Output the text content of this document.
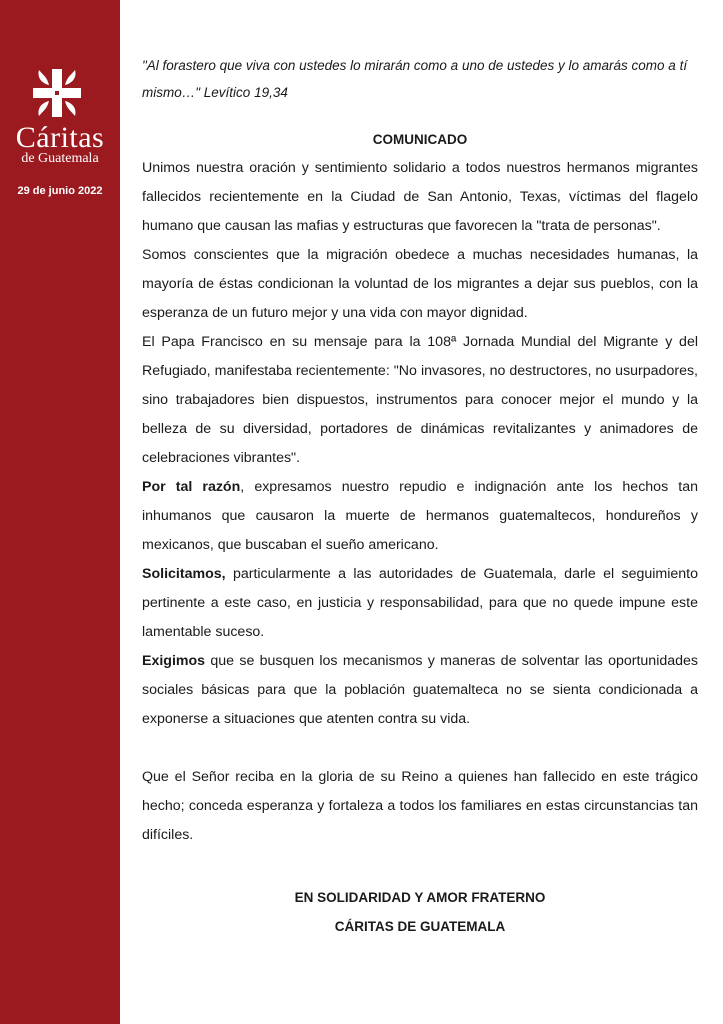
Cáritas
de Guatemala
29 de junio 2022

"Al forastero que viva con ustedes lo mirarán como a uno de ustedes y lo amarás como a tí mismo…" Levítico 19,34

COMUNICADO

Unimos nuestra oración y sentimiento solidario a todos nuestros hermanos migrantes fallecidos recientemente en la Ciudad de San Antonio, Texas, víctimas del flagelo humano que causan las mafias y estructuras que favorecen la "trata de personas".

Somos conscientes que la migración obedece a muchas necesidades humanas, la mayoría de éstas condicionan la voluntad de los migrantes a dejar sus pueblos, con la esperanza de un futuro mejor y una vida con mayor dignidad.

El Papa Francisco en su mensaje para la 108ª Jornada Mundial del Migrante y del Refugiado, manifestaba recientemente: "No invasores, no destructores, no usurpadores, sino trabajadores bien dispuestos, instrumentos para conocer mejor el mundo y la belleza de su diversidad, portadores de dinámicas revitalizantes y animadores de celebraciones vibrantes".

Por tal razón, expresamos nuestro repudio e indignación ante los hechos tan inhumanos que causaron la muerte de hermanos guatemaltecos, hondureños y mexicanos, que buscaban el sueño americano.

Solicitamos, particularmente a las autoridades de Guatemala, darle el seguimiento pertinente a este caso, en justicia y responsabilidad, para que no quede impune este lamentable suceso.

Exigimos que se busquen los mecanismos y maneras de solventar las oportunidades sociales básicas para que la población guatemalteca no se sienta condicionada a exponerse a situaciones que atenten contra su vida.

Que el Señor reciba en la gloria de su Reino a quienes han fallecido en este trágico hecho; conceda esperanza y fortaleza a todos los familiares en estas circunstancias tan difíciles.

EN SOLIDARIDAD Y AMOR FRATERNO
CÁRITAS DE GUATEMALA
